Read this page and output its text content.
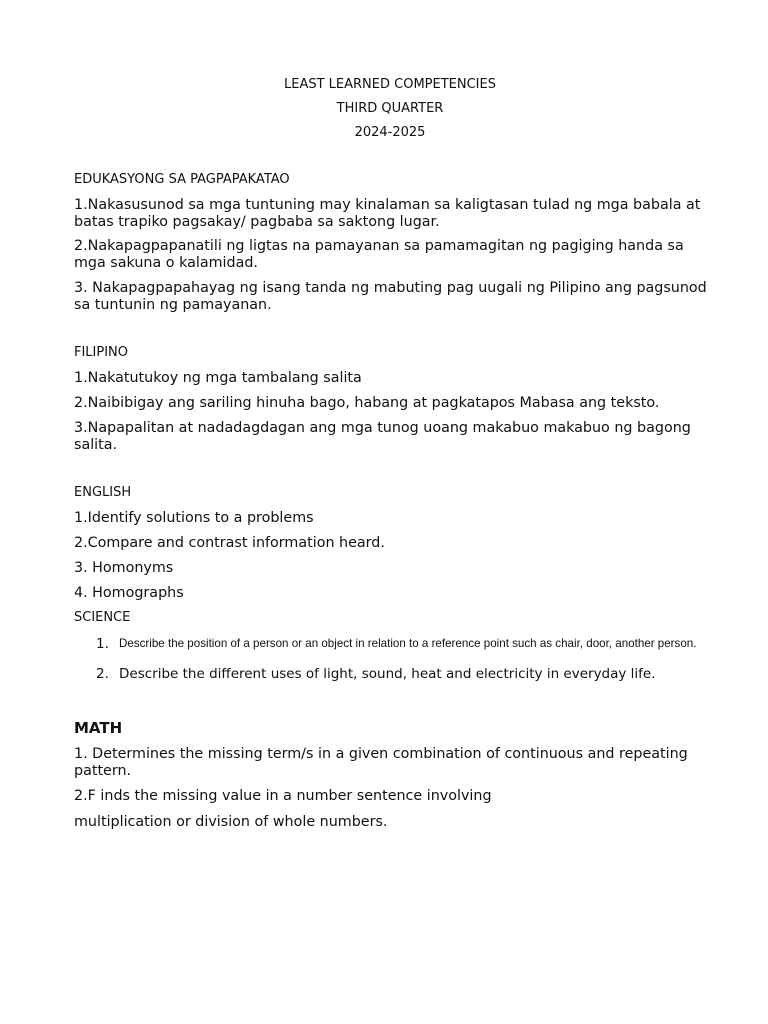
LEAST LEARNED COMPETENCIES
THIRD QUARTER
2024-2025
EDUKASYONG SA PAGPAPAKATAO
1.Nakasusunod sa mga tuntuning may kinalaman sa kaligtasan tulad ng mga babala at batas trapiko pagsakay/ pagbaba sa saktong lugar.
2.Nakapagpapanatili ng ligtas na pamayanan sa pamamagitan ng pagiging handa sa mga sakuna o kalamidad.
3. Nakapagpapahayag ng isang tanda ng mabuting pag uugali ng Pilipino ang pagsunod sa tuntunin ng pamayanan.
FILIPINO
1.Nakatutukoy ng mga tambalang salita
2.Naibibigay ang sariling hinuha bago, habang at pagkatapos Mabasa ang teksto.
3.Napapalitan at nadadagdagan ang mga tunog uoang makabuo makabuo ng bagong salita.
ENGLISH
1.Identify solutions to a problems
2.Compare and contrast information heard.
3. Homonyms
4. Homographs
SCIENCE
1. Describe the position of a person or an object in relation to a reference point such as chair, door, another person.
2. Describe the different uses of light, sound, heat and electricity in everyday life.
MATH
1. Determines the missing term/s in a given combination of continuous and repeating pattern.
2.F inds the missing value in a number sentence involving
multiplication or division of whole numbers.
